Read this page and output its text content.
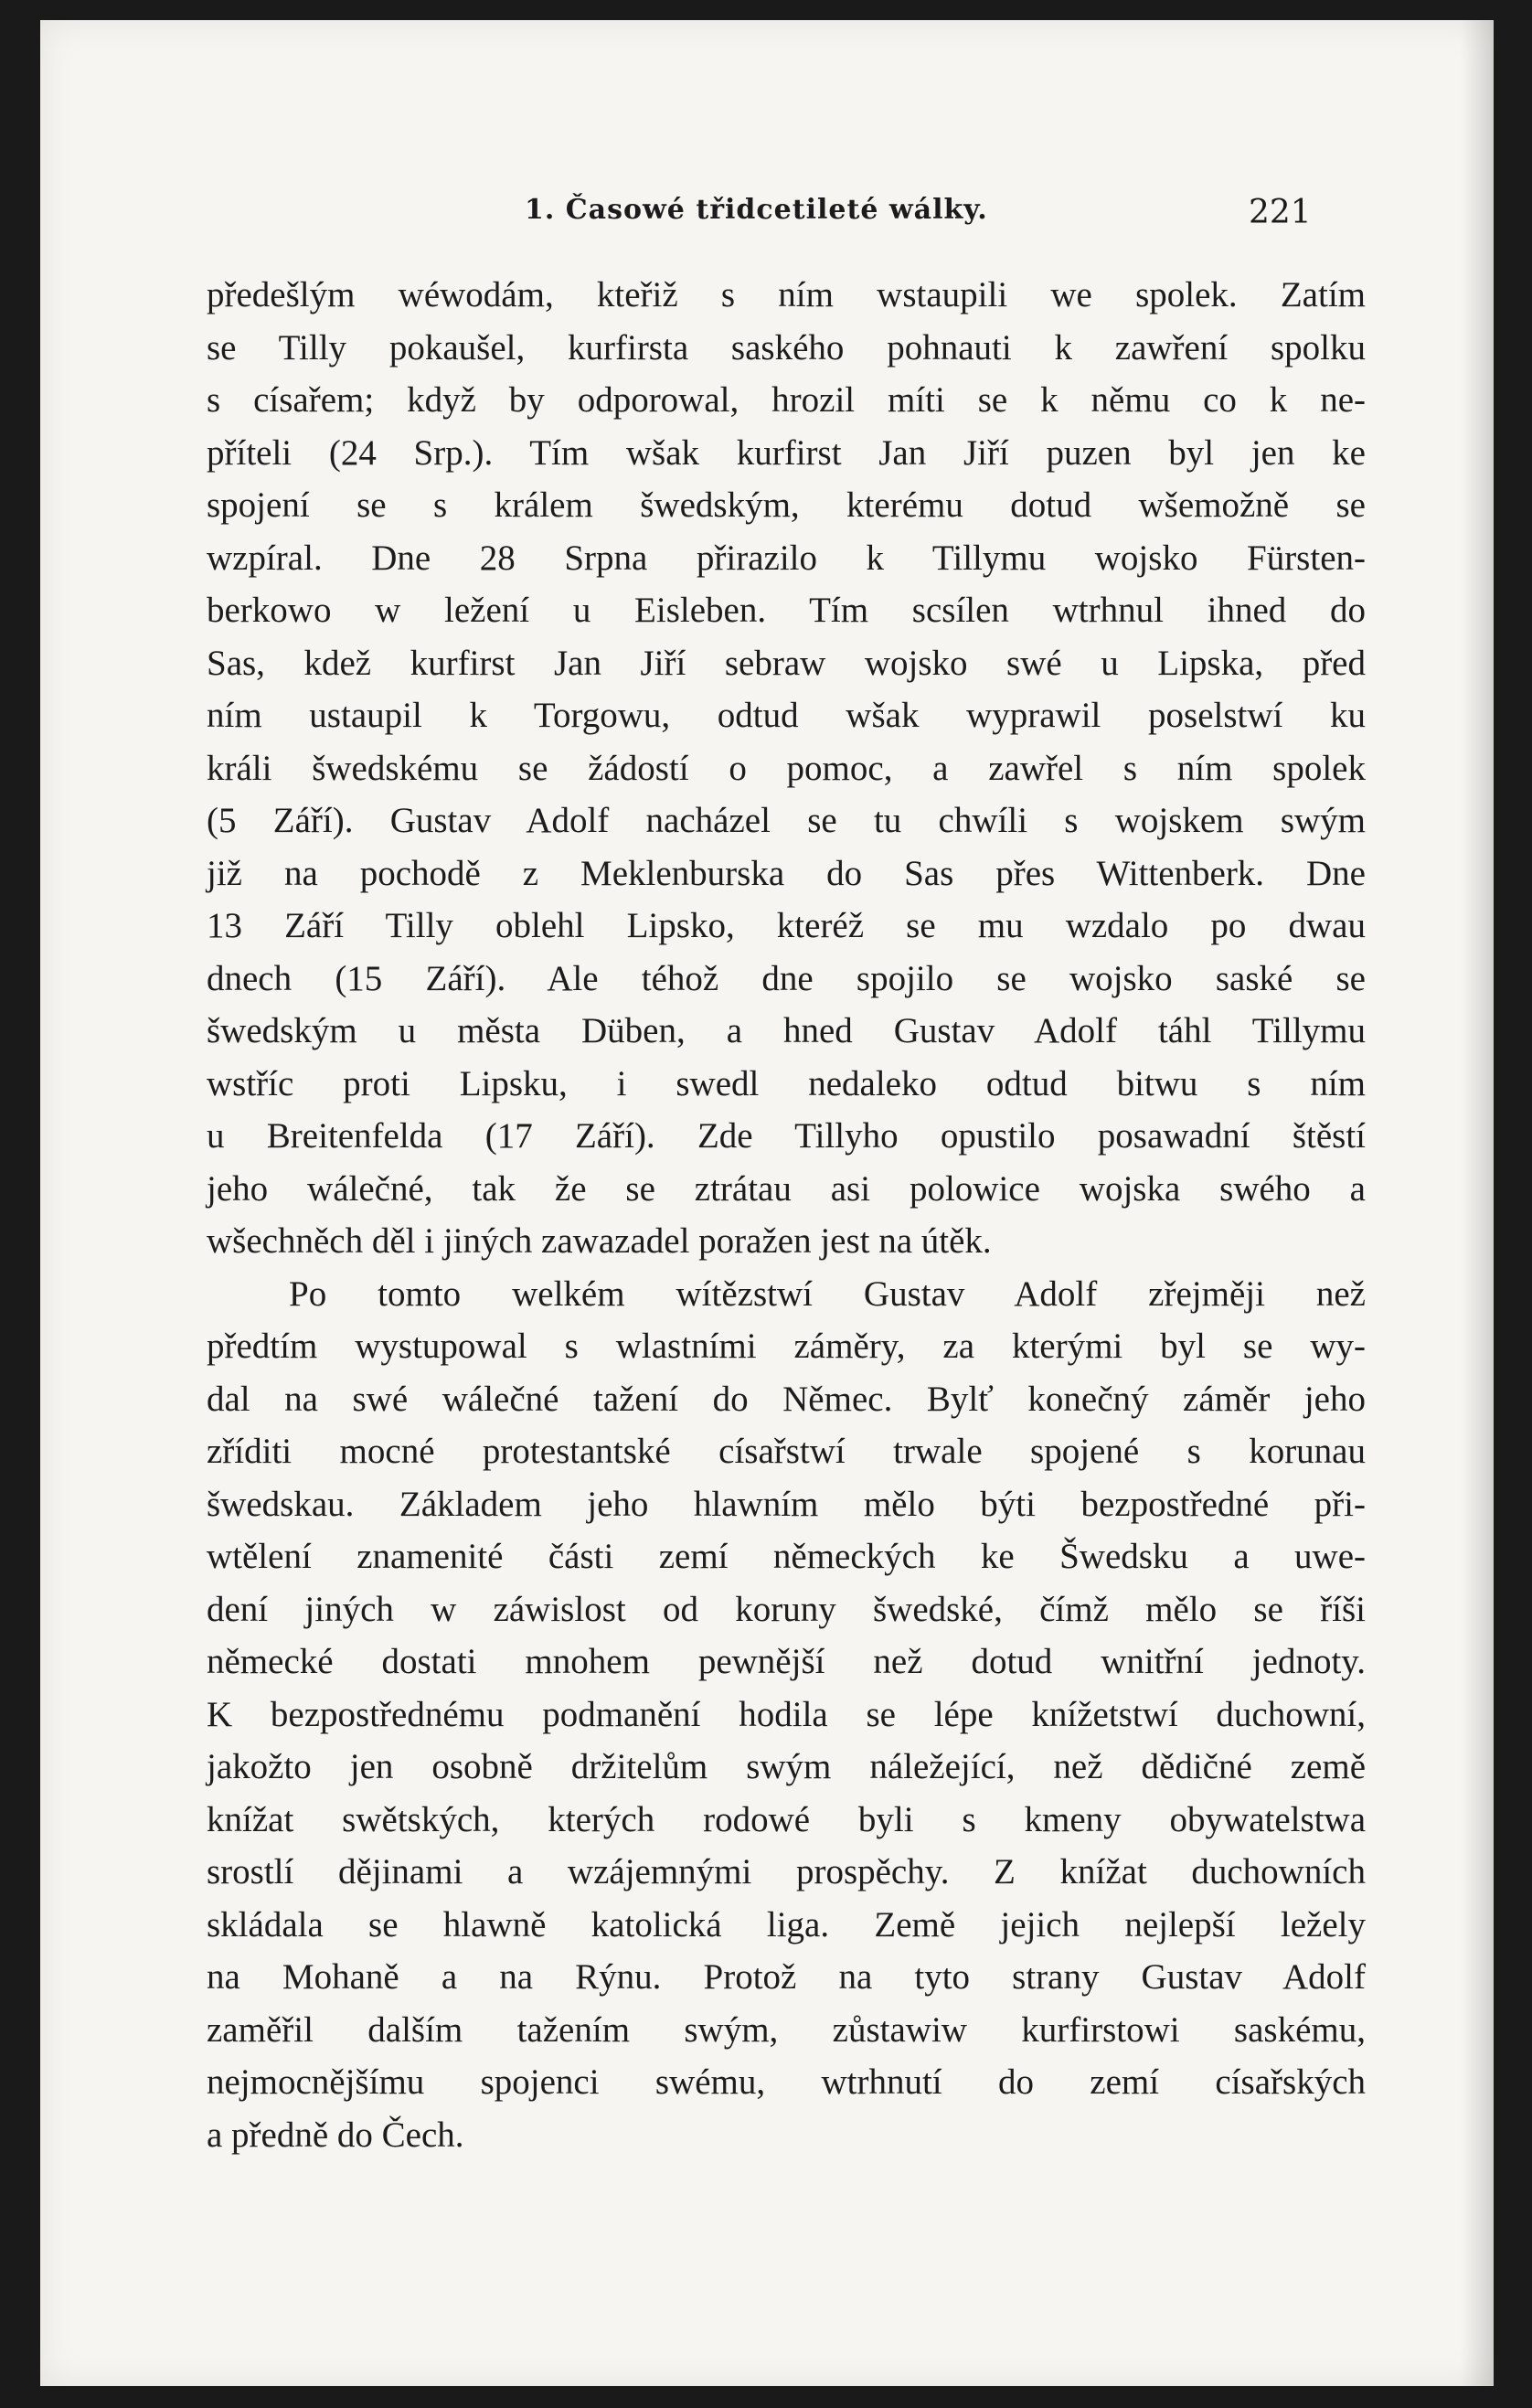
1. Časowé třidcetileté wálky.	221

předešlým wéwodám, kteřiž s ním wstaupili we spolek. Zatím
se Tilly pokaušel, kurfirsta saského pohnauti k zawření spolku
s císařem; když by odporowal, hrozil míti se k němu co k ne-
příteli (24 Srp.). Tím wšak kurfirst Jan Jiří puzen byl jen ke
spojení se s králem šwedským, kterému dotud wšemožně se
wzpíral. Dne 28 Srpna přirazilo k Tillymu wojsko Fürsten-
berkowo w ležení u Eisleben. Tím scsílen wtrhnul ihned do
Sas, kdež kurfirst Jan Jiří sebraw wojsko swé u Lipska, před
ním ustaupil k Torgowu, odtud wšak wyprawil poselstwí ku
králi šwedskému se žádostí o pomoc, a zawřel s ním spolek
(5 Září). Gustav Adolf nacházel se tu chwíli s wojskem swým
již na pochodě z Meklenburska do Sas přes Wittenberk. Dne
13 Září Tilly oblehl Lipsko, kteréž se mu wzdalo po dwau
dnech (15 Září). Ale téhož dne spojilo se wojsko saské se
šwedským u města Düben, a hned Gustav Adolf táhl Tillymu
wstříc proti Lipsku, i swedl nedaleko odtud bitwu s ním
u Breitenfelda (17 Září). Zde Tillyho opustilo posawadní štěstí
jeho wálečné, tak že se ztrátau asi polowice wojska swého a
wšechněch děl i jiných zawazadel poražen jest na útěk.

Po tomto welkém wítězstwí Gustav Adolf zřejměji než
předtím wystupowal s wlastními záměry, za kterými byl se wy-
dal na swé wálečné tažení do Němec. Bylť konečný záměr jeho
zříditi mocné protestantské císařstwí trwale spojené s korunau
šwedskau. Základem jeho hlawním mělo býti bezpostředné při-
wtělení znamenité části zemí německých ke Šwedsku a uwe-
dení jiných w záwislost od koruny šwedské, čímž mělo se říši
německé dostati mnohem pewnější než dotud wnitřní jednoty.
K bezpostřednému podmanění hodila se lépe knížetstwí duchowní,
jakožto jen osobně držitelům swým náležející, než dědičné země
knížat swětských, kterých rodowé byli s kmeny obywatelstwa
srostlí dějinami a wzájemnými prospěchy. Z knížat duchowních
skládala se hlawně katolická liga. Země jejich nejlepší ležely
na Mohaně a na Rýnu. Protož na tyto strany Gustav Adolf
zaměřil dalším tažením swým, zůstawiw kurfirstowi saskému,
nejmocnějšímu spojenci swému, wtrhnutí do zemí císařských
a předně do Čech.
